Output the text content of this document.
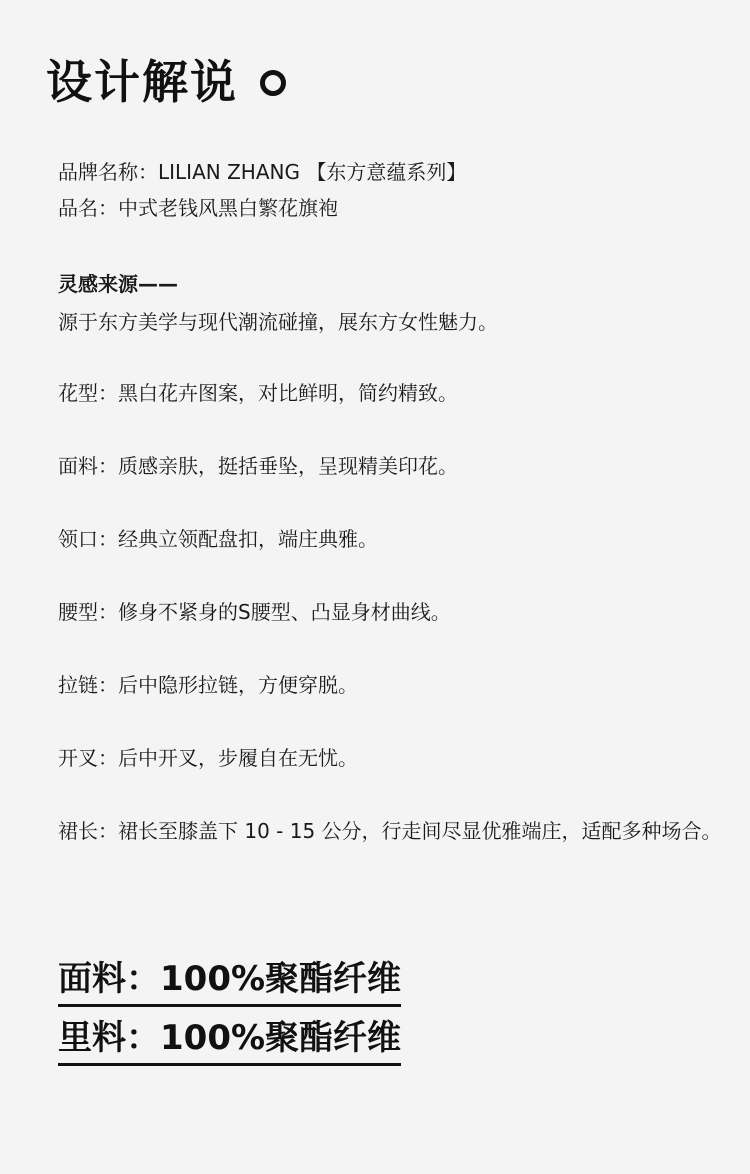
设计解说

品牌名称：LILIAN ZHANG 【东方意蕴系列】

品名：中式老钱风黑白繁花旗袍

灵感来源——

源于东方美学与现代潮流碰撞，展东方女性魅力。

花型：黑白花卉图案，对比鲜明，简约精致。
面料：质感亲肤，挺括垂坠，呈现精美印花。
领口：经典立领配盘扣，端庄典雅。
腰型：修身不紧身的S腰型、凸显身材曲线。
拉链：后中隐形拉链，方便穿脱。
开叉：后中开叉，步履自在无忧。
裙长：裙长至膝盖下 10 - 15 公分，行走间尽显优雅端庄，适配多种场合。
面料：100%聚酯纤维
里料：100%聚酯纤维
